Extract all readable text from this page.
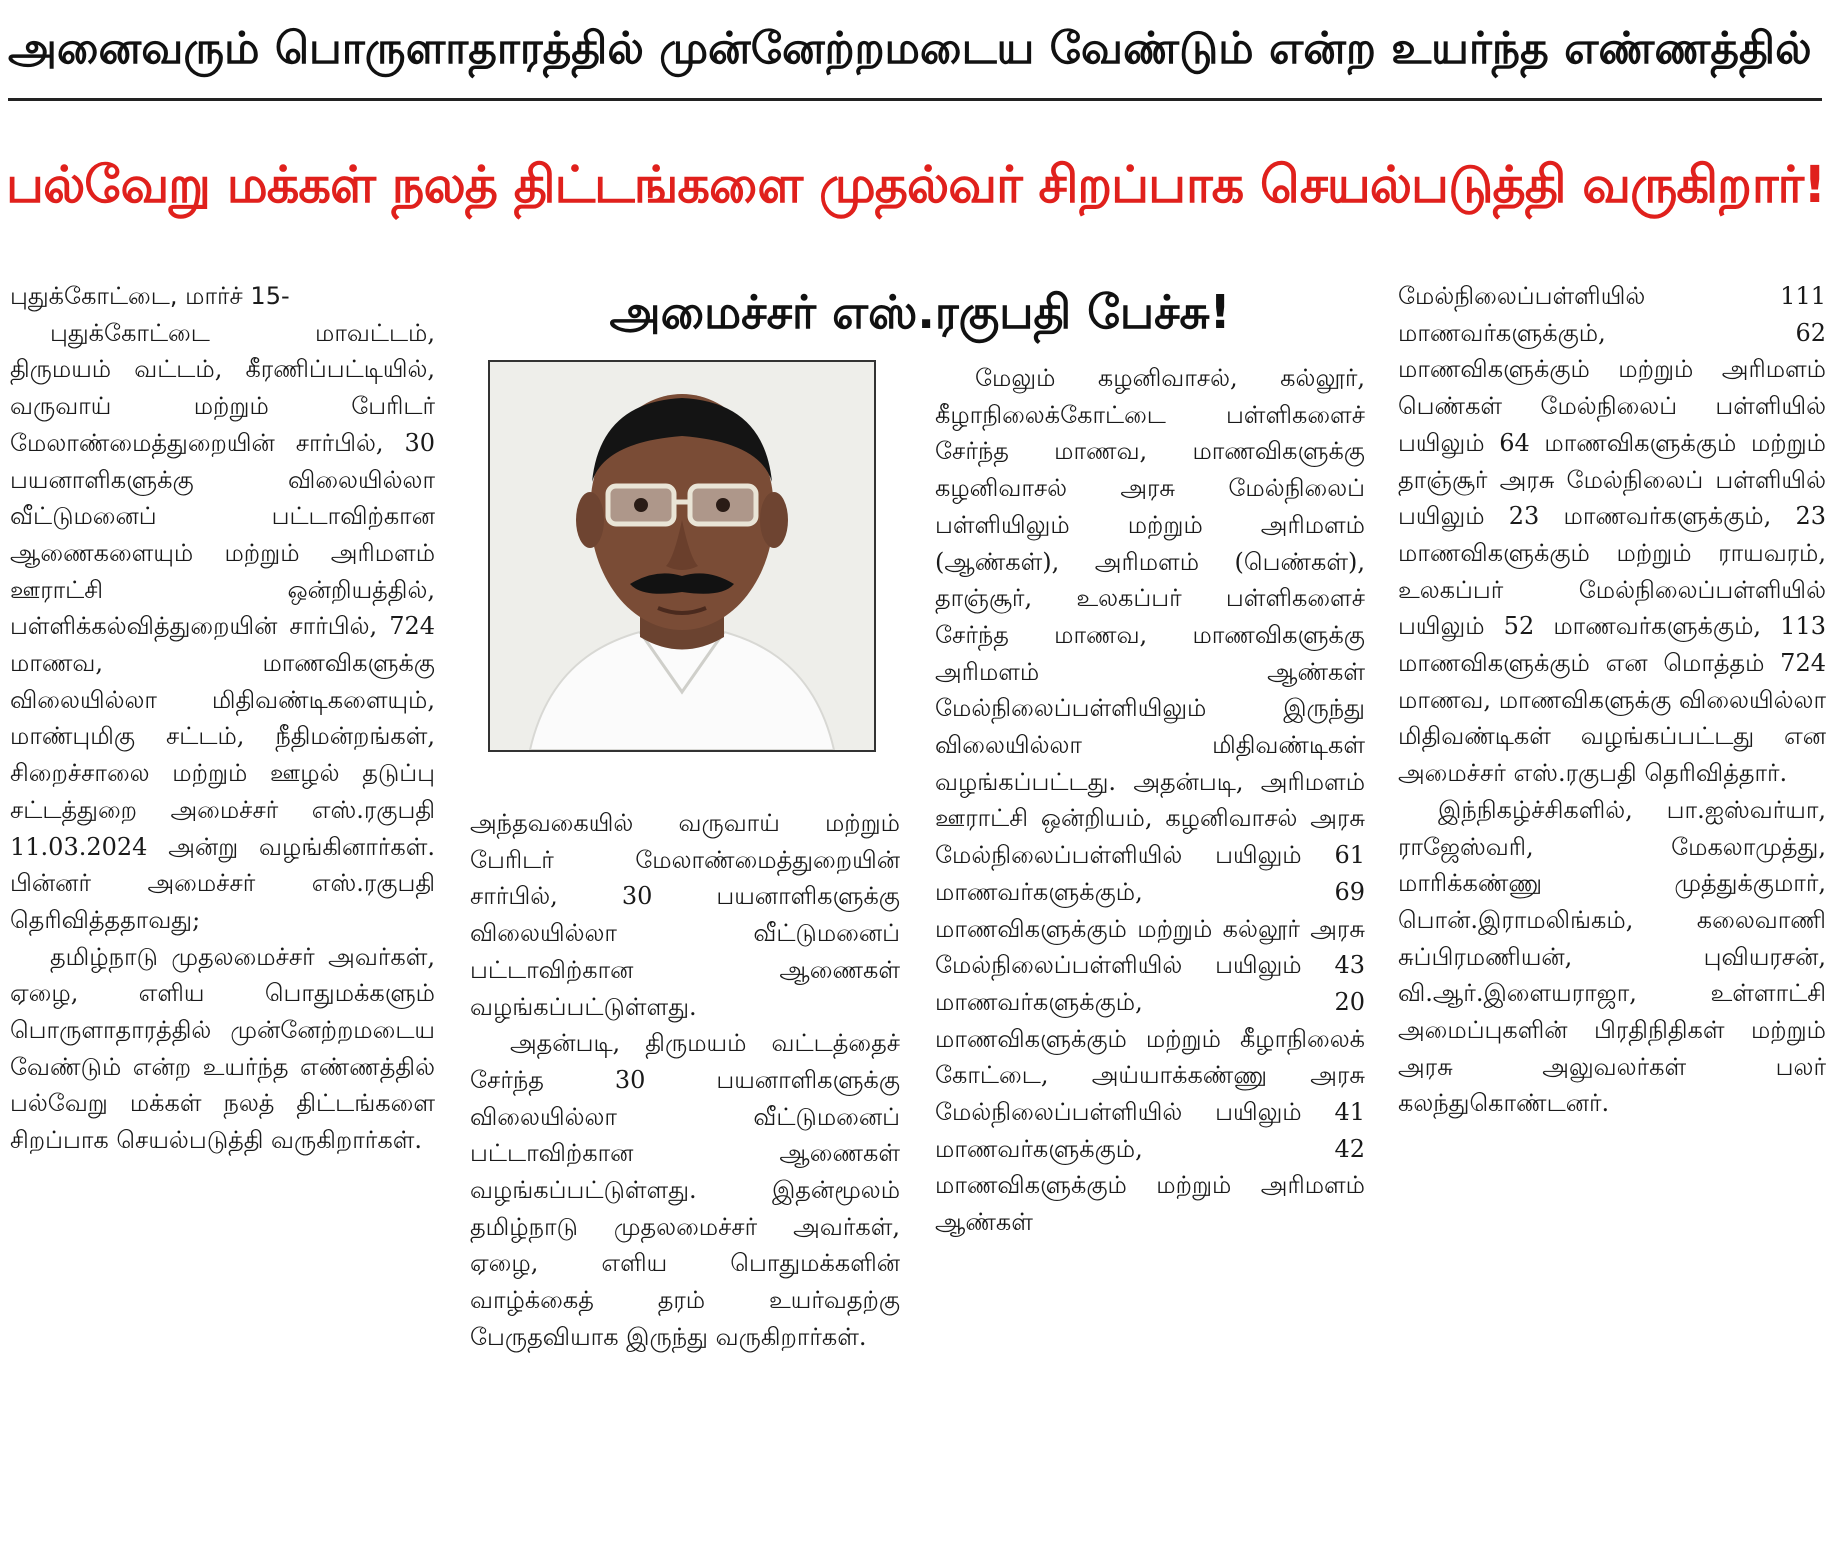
அனைவரும் பொருளாதாரத்தில் முன்னேற்றமடைய வேண்டும் என்ற உயர்ந்த எண்ணத்தில்
பல்வேறு மக்கள் நலத் திட்டங்களை முதல்வர் சிறப்பாக செயல்படுத்தி வருகிறார்!

புதுக்கோட்டை, மார்ச் 15-

புதுக்கோட்டை மாவட்டம், திருமயம் வட்டம், கீரணிப்பட்டியில், வருவாய் மற்றும் பேரிடர் மேலாண்மைத்துறையின் சார்பில், 30 பயனாளிகளுக்கு விலையில்லா வீட்டுமனைப் பட்டாவிற்கான ஆணைகளையும் மற்றும் அரிமளம் ஊராட்சி ஒன்றியத்தில், பள்ளிக்கல்வித்துறையின் சார்பில், 724 மாணவ, மாணவிகளுக்கு விலையில்லா மிதிவண்டிகளையும், மாண்புமிகு சட்டம், நீதிமன்றங்கள், சிறைச்சாலை மற்றும் ஊழல் தடுப்பு சட்டத்துறை அமைச்சர் எஸ்.ரகுபதி 11.03.2024 அன்று வழங்கினார்கள். பின்னர் அமைச்சர் எஸ்.ரகுபதி தெரிவித்ததாவது;

தமிழ்நாடு முதலமைச்சர் அவர்கள், ஏழை, எளிய பொதுமக்களும் பொருளாதாரத்தில் முன்னேற்றமடைய வேண்டும் என்ற உயர்ந்த எண்ணத்தில் பல்வேறு மக்கள் நலத் திட்டங்களை சிறப்பாக செயல்படுத்தி வருகிறார்கள்.

அமைச்சர் எஸ்.ரகுபதி பேச்சு!

அந்தவகையில் வருவாய் மற்றும் பேரிடர் மேலாண்மைத்துறையின் சார்பில், 30 பயனாளிகளுக்கு விலையில்லா வீட்டுமனைப் பட்டாவிற்கான ஆணைகள் வழங்கப்பட்டுள்ளது.

அதன்படி, திருமயம் வட்டத்தைச் சேர்ந்த 30 பயனாளிகளுக்கு விலையில்லா வீட்டுமனைப் பட்டாவிற்கான ஆணைகள் வழங்கப்பட்டுள்ளது. இதன்மூலம் தமிழ்நாடு முதலமைச்சர் அவர்கள், ஏழை, எளிய பொதுமக்களின் வாழ்க்கைத் தரம் உயர்வதற்கு பேருதவியாக இருந்து வருகிறார்கள்.

மேலும் கழனிவாசல், கல்லூர், கீழாநிலைக்கோட்டை பள்ளிகளைச் சேர்ந்த மாணவ, மாணவிகளுக்கு கழனிவாசல் அரசு மேல்நிலைப் பள்ளியிலும் மற்றும் அரிமளம் (ஆண்கள்), அரிமளம் (பெண்கள்), தாஞ்சூர், உலகப்பர் பள்ளிகளைச் சேர்ந்த மாணவ, மாணவிகளுக்கு அரிமளம் ஆண்கள் மேல்நிலைப்பள்ளியிலும் இருந்து விலையில்லா மிதிவண்டிகள் வழங்கப்பட்டது. அதன்படி, அரிமளம் ஊராட்சி ஒன்றியம், கழனிவாசல் அரசு மேல்நிலைப்பள்ளியில் பயிலும் 61 மாணவர்களுக்கும், 69 மாணவிகளுக்கும் மற்றும் கல்லூர் அரசு மேல்நிலைப்பள்ளியில் பயிலும் 43 மாணவர்களுக்கும், 20 மாணவிகளுக்கும் மற்றும் கீழாநிலைக் கோட்டை, அய்யாக்கண்ணு அரசு மேல்நிலைப்பள்ளியில் பயிலும் 41 மாணவர்களுக்கும், 42 மாணவிகளுக்கும் மற்றும் அரிமளம் ஆண்கள்

மேல்நிலைப்பள்ளியில் 111 மாணவர்களுக்கும், 62 மாணவிகளுக்கும் மற்றும் அரிமளம் பெண்கள் மேல்நிலைப் பள்ளியில் பயிலும் 64 மாணவிகளுக்கும் மற்றும் தாஞ்சூர் அரசு மேல்நிலைப் பள்ளியில் பயிலும் 23 மாணவர்களுக்கும், 23 மாணவிகளுக்கும் மற்றும் ராயவரம், உலகப்பர் மேல்நிலைப்பள்ளியில் பயிலும் 52 மாணவர்களுக்கும், 113 மாணவிகளுக்கும் என மொத்தம் 724 மாணவ, மாணவிகளுக்கு விலையில்லா மிதிவண்டிகள் வழங்கப்பட்டது என அமைச்சர் எஸ்.ரகுபதி தெரிவித்தார்.

இந்நிகழ்ச்சிகளில், பா.ஐஸ்வர்யா, ராஜேஸ்வரி, மேகலாமுத்து, மாரிக்கண்ணு முத்துக்குமார், பொன்.இராமலிங்கம், கலைவாணி சுப்பிரமணியன், புவியரசன், வி.ஆர்.இளையராஜா, உள்ளாட்சி அமைப்புகளின் பிரதிநிதிகள் மற்றும் அரசு அலுவலர்கள் பலர் கலந்துகொண்டனர்.
